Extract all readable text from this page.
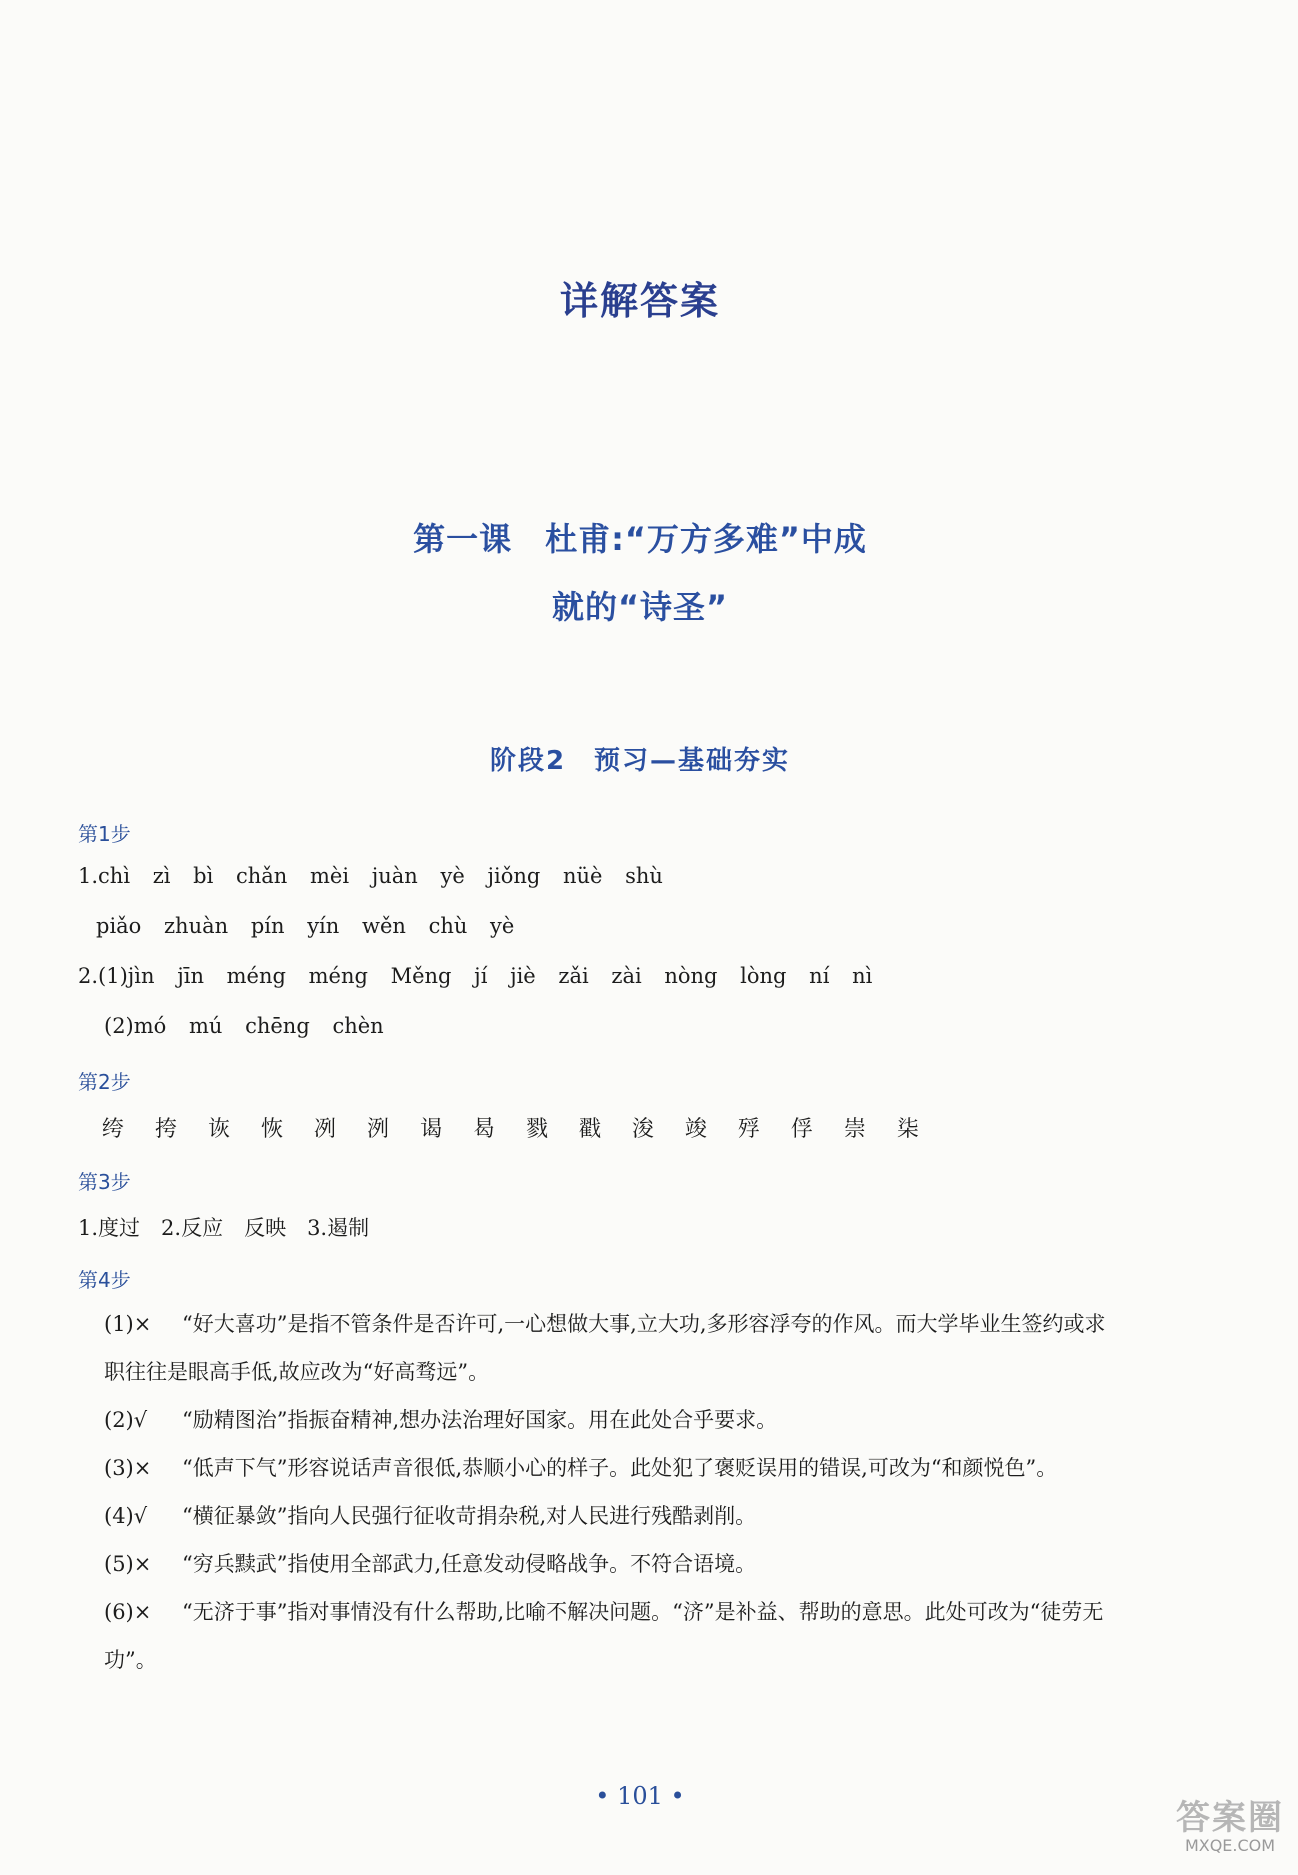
详解答案
第一课　杜甫:“万方多难”中成
就的“诗圣”
阶段2　预习—基础夯实
第1步
1.chì zì bì chǎn mèi juàn yè jiǒng nüè shù
piǎo zhuàn pín yín wěn chù yè
2.(1)jìn jīn méng méng Měng jí jiè zǎi zài nòng lòng ní nì
(2)mó mú chēng chèn
第2步
绔 挎 诙 恢 冽 洌 谒 曷 戮 戳 浚 竣 殍 俘 崇 柒
第3步
1.度过　2.反应　反映　3.遏制
第4步
(1)× “好大喜功”是指不管条件是否许可,一心想做大事,立大功,多形容浮夸的作风。而大学毕业生签约或求
职往往是眼高手低,故应改为“好高骛远”。
(2)√ “励精图治”指振奋精神,想办法治理好国家。用在此处合乎要求。
(3)× “低声下气”形容说话声音很低,恭顺小心的样子。此处犯了褒贬误用的错误,可改为“和颜悦色”。
(4)√ “横征暴敛”指向人民强行征收苛捐杂税,对人民进行残酷剥削。
(5)× “穷兵黩武”指使用全部武力,任意发动侵略战争。不符合语境。
(6)× “无济于事”指对事情没有什么帮助,比喻不解决问题。“济”是补益、帮助的意思。此处可改为“徒劳无
功”。
• 101 •
答案圈
MXQE.COM
